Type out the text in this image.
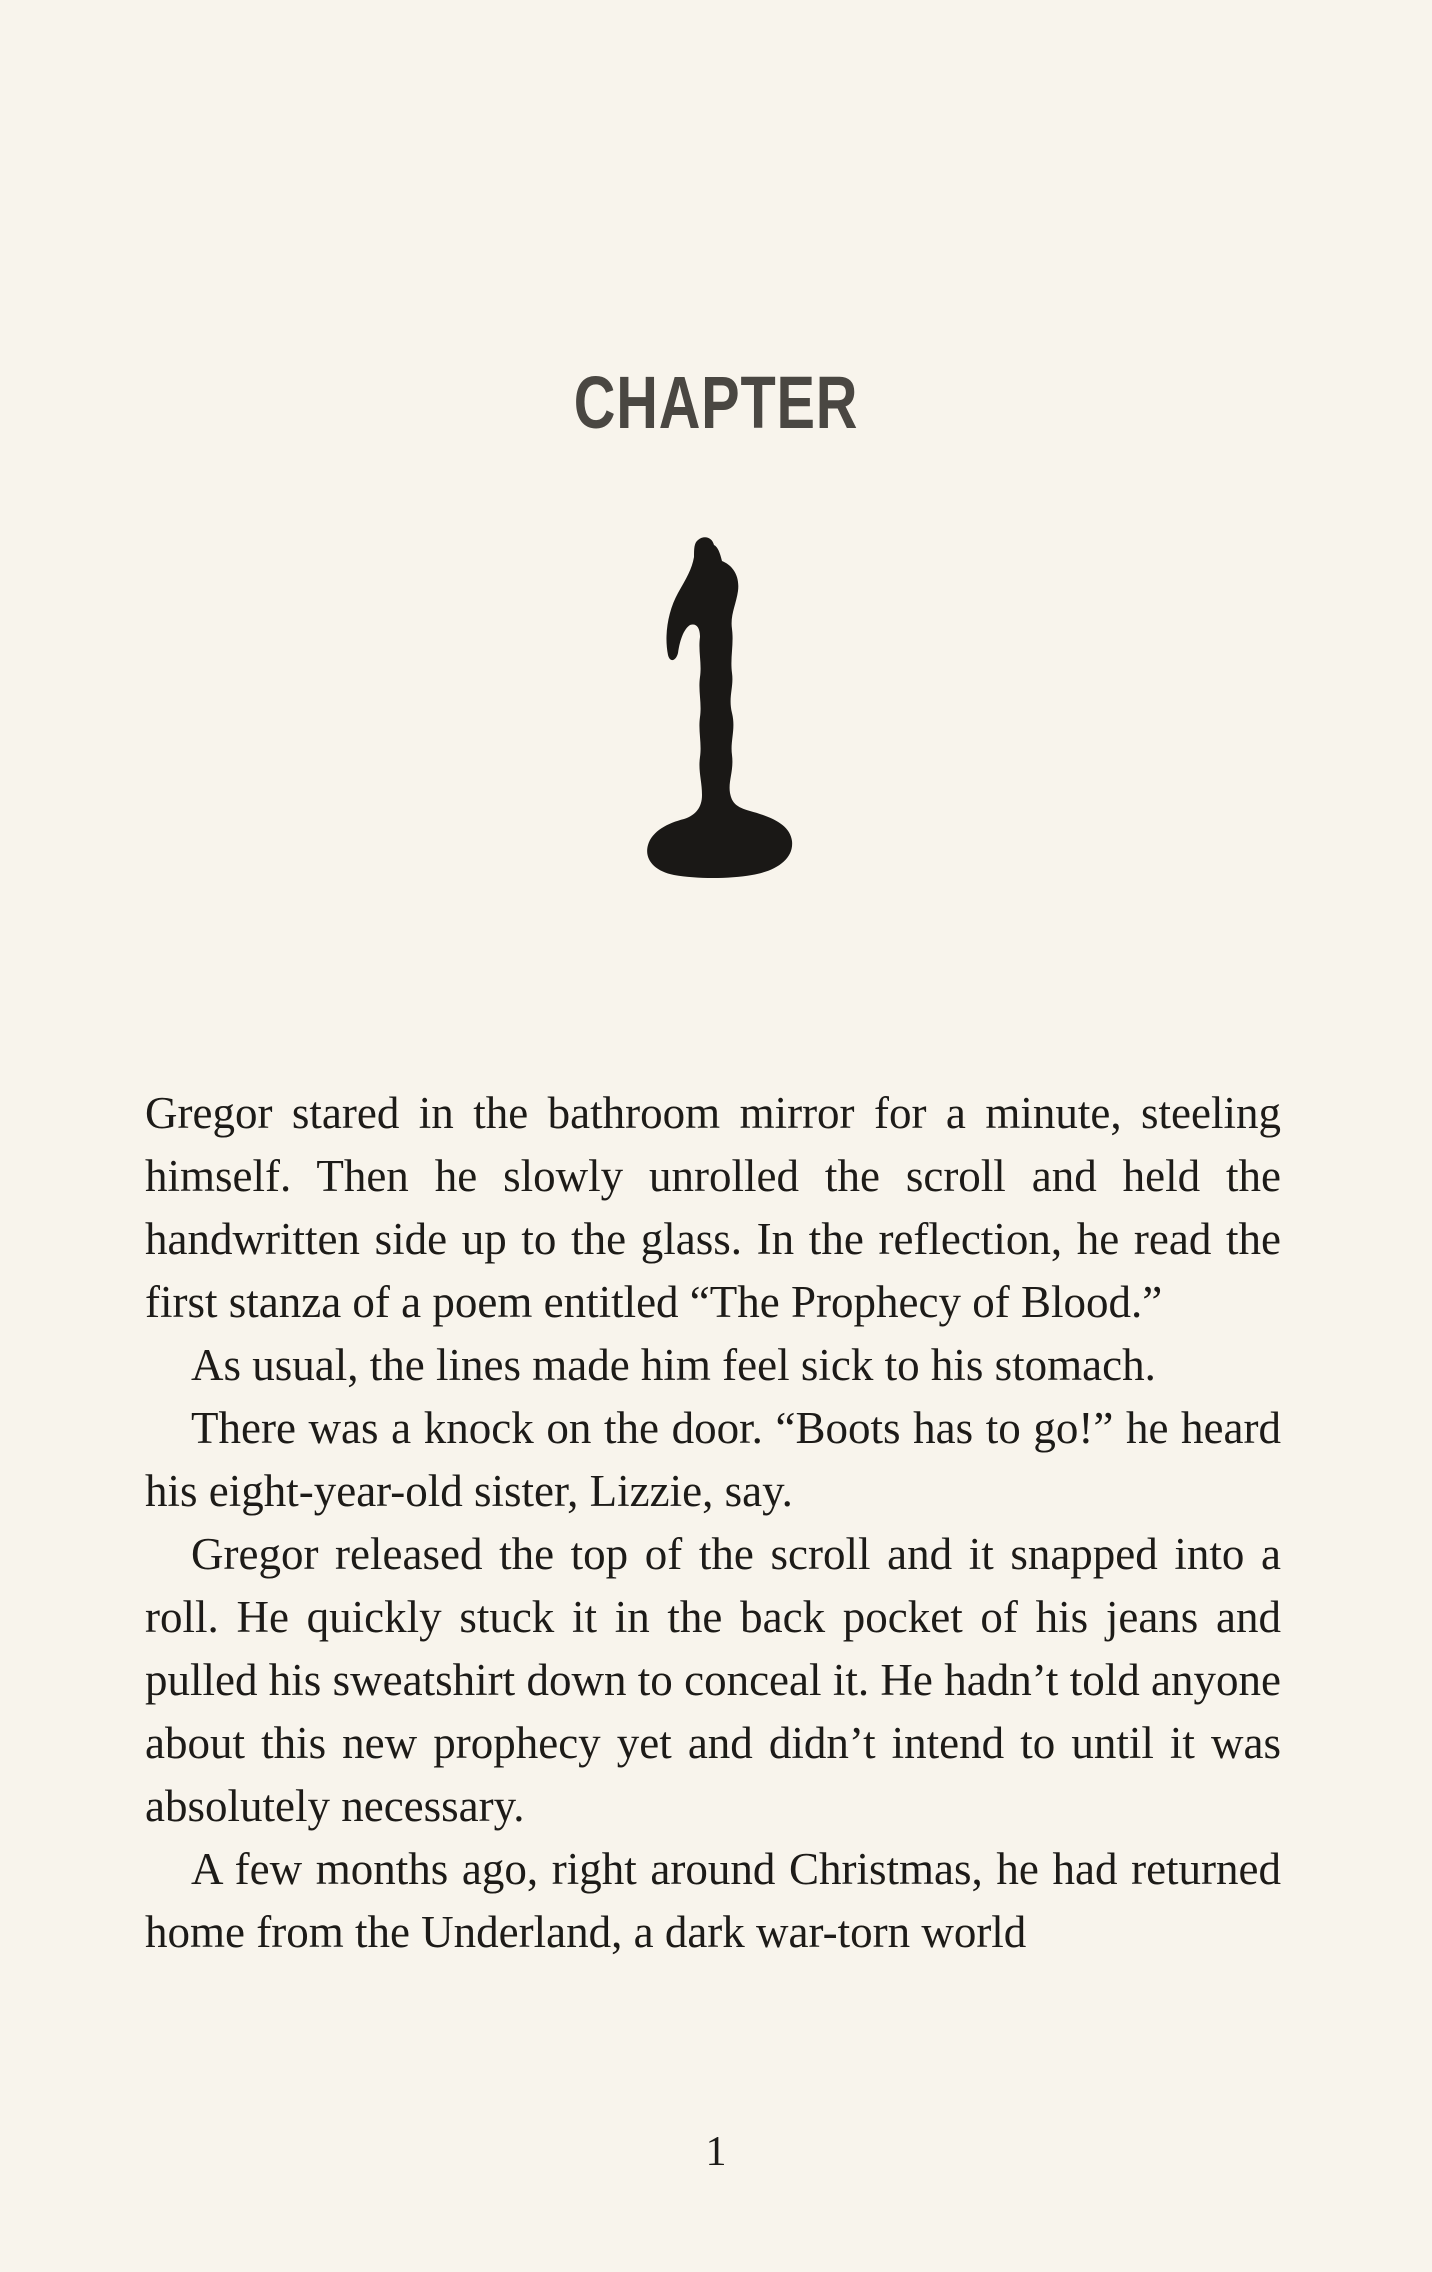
CHAPTER

Gregor stared in the bathroom mirror for a minute, steeling himself. Then he slowly unrolled the scroll and held the handwritten side up to the glass. In the reflection, he read the first stanza of a poem entitled “The Prophecy of Blood.”

As usual, the lines made him feel sick to his stomach.

There was a knock on the door. “Boots has to go!” he heard his eight-year-old sister, Lizzie, say.

Gregor released the top of the scroll and it snapped into a roll. He quickly stuck it in the back pocket of his jeans and pulled his sweatshirt down to conceal it. He hadn’t told anyone about this new prophecy yet and didn’t intend to until it was absolutely necessary.

A few months ago, right around Christmas, he had returned home from the Underland, a dark war-torn world

1
